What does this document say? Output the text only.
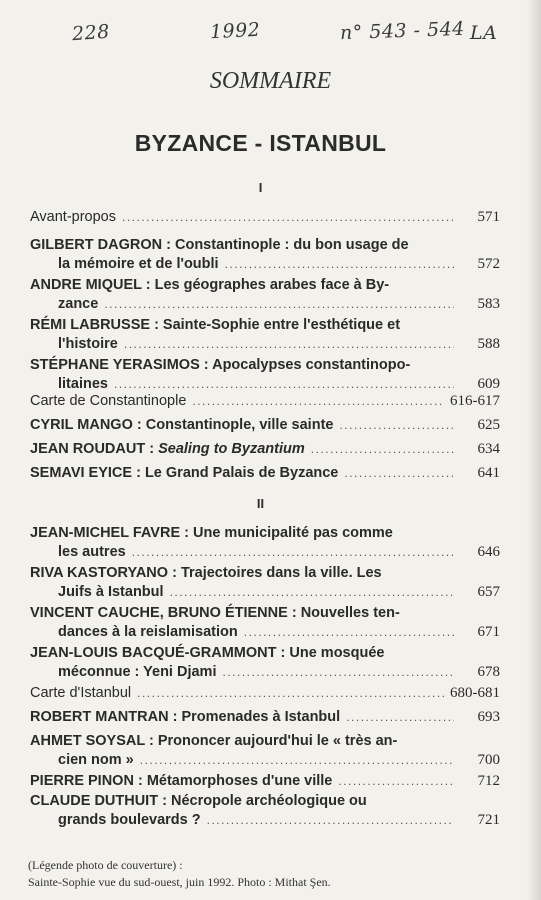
228	1992	n° 543 - 544 LA
SOMMAIRE
BYZANCE - ISTANBUL
I
Avant-propos .....	571
GILBERT DAGRON : Constantinople : du bon usage de
la mémoire et de l'oubli .....	572
ANDRE MIQUEL : Les géographes arabes face à By-
zance .....	583
RÉMI LABRUSSE : Sainte-Sophie entre l'esthétique et
l'histoire .....	588
STÉPHANE YERASIMOS : Apocalypses constantinopo-
litaines .....	609
Carte de Constantinople .....	616-617
CYRIL MANGO : Constantinople, ville sainte .....	625
JEAN ROUDAUT : Sealing to Byzantium .....	634
SEMAVI EYICE : Le Grand Palais de Byzance .....	641
II
JEAN-MICHEL FAVRE : Une municipalité pas comme
les autres .....	646
RIVA KASTORYANO : Trajectoires dans la ville. Les
Juifs à Istanbul .....	657
VINCENT CAUCHE, BRUNO ÉTIENNE : Nouvelles ten-
dances à la reislamisation .....	671
JEAN-LOUIS BACQUÉ-GRAMMONT : Une mosquée
méconnue : Yeni Djami .....	678
Carte d'Istanbul .....	680-681
ROBERT MANTRAN : Promenades à Istanbul .....	693
AHMET SOYSAL : Prononcer aujourd'hui le « très an-
cien nom » .....	700
PIERRE PINON : Métamorphoses d'une ville .....	712
CLAUDE DUTHUIT : Nécropole archéologique ou
grands boulevards ? .....	721
(Légende photo de couverture) :
Sainte-Sophie vue du sud-ouest, juin 1992. Photo : Mithat Şen.
